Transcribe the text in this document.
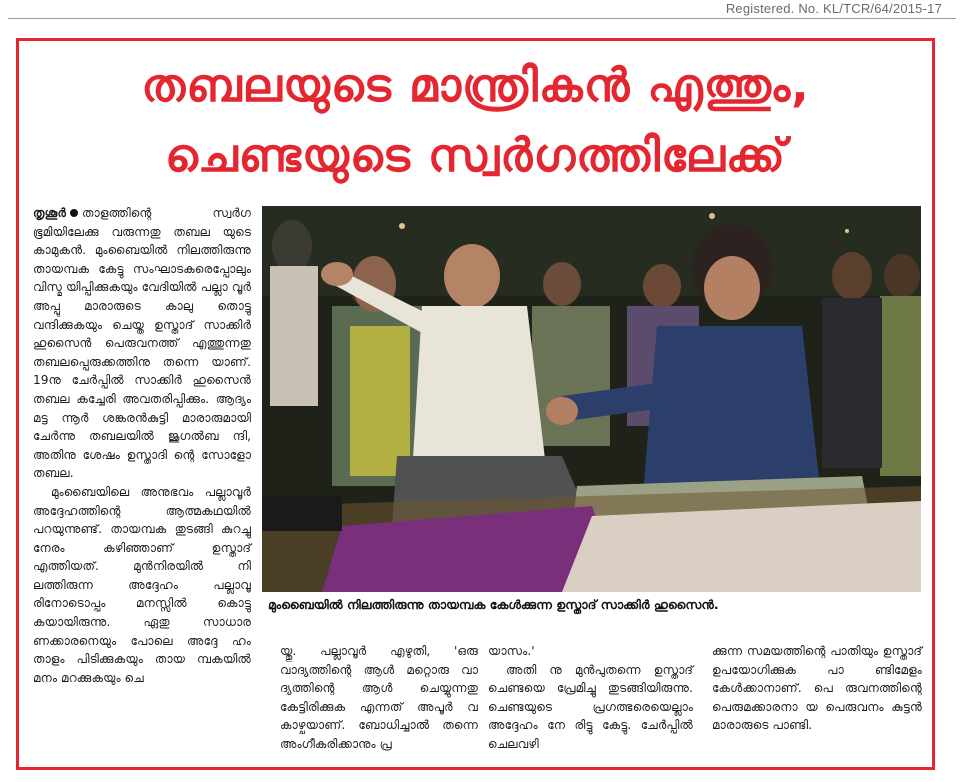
Registered. No. KL/TCR/64/2015-17
തബലയുടെ മാന്ത്രികൻ എത്തും,
ചെണ്ടയുടെ സ്വർഗത്തിലേക്ക്

തൃശൂർ താളത്തിന്റെ സ്വർഗ ഭൂമിയിലേക്കു വരുന്നതു തബല യുടെ കാമുകൻ. മുംബൈയിൽ നിലത്തിരുന്നു തായമ്പക കേട്ടു സംഘാടകരെപ്പോലും വിസ്മ യിപ്പിക്കുകയും വേദിയിൽ പല്ലാ വൂർ അപ്പു മാരാരുടെ കാലു തൊട്ടു വന്ദിക്കുകയും ചെയ്ത ഉസ്താദ് സാക്കിർ ഹുസൈൻ പെരുവനത്ത് എത്തുന്നതു തബലപ്പെരുക്കത്തിനു തന്നെ യാണ്. 19നു ചേർപ്പിൽ സാക്കിർ ഹുസൈൻ തബല കച്ചേരി അവതരിപ്പിക്കും. ആദ്യം മട്ട ന്നൂർ ശങ്കരൻകുട്ടി മാരാരുമായി ചേർന്നു തബലയിൽ ജുഗൽബ ന്ദി, അതിനു ശേഷം ഉസ്താദി ന്റെ സോളോ തബല.

മുംബൈയിലെ അനുഭവം പല്ലാവൂർ അദ്ദേഹത്തിന്റെ ആത്മകഥയിൽ പറയുന്നുണ്ട്. തായമ്പക തുടങ്ങി കുറച്ചു നേരം കഴിഞ്ഞാണ് ഉസ്താദ് എത്തിയത്. മുൻനിരയിൽ നി ലത്തിരുന്ന അദ്ദേഹം പല്ലാവൂ രിനോടൊപ്പം മനസ്സിൽ കൊട്ടു കയായിരുന്നു. ഏതു സാധാര ണക്കാരനെയും പോലെ അദ്ദേ ഹം താളം പിടിക്കുകയും തായ മ്പകയിൽ മനം മറക്കുകയും ചെ

മുംബൈയിൽ നിലത്തിരുന്നു തായമ്പക കേൾക്കുന്ന ഉസ്താദ് സാക്കിർ ഹുസൈൻ.
യ്തു. പല്ലാവൂർ എഴുതി, 'ഒരു വാദ്യത്തിന്റെ ആൾ മറ്റൊരു വാ ദ്യത്തിന്റെ ആൾ ചെയ്യുന്നതു കേട്ടിരിക്കുക എന്നത് അപൂർ വ കാഴ്ചയാണ്. ബോധിച്ചാൽ തന്നെ അംഗീകരിക്കാനും പ്ര

യാസം.'

അതി നു മുൻപുതന്നെ ഉസ്താദ് ചെണ്ടയെ പ്രേമിച്ചു തുടങ്ങിയിരുന്നു. ചെണ്ടയുടെ പ്രഗത്ഭരെയെല്ലാം അദ്ദേഹം നേ രിട്ടു കേട്ടു. ചേർപ്പിൽ ചെലവഴി

ക്കുന്ന സമയത്തിന്റെ പാതിയും ഉസ്താദ് ഉപയോഗിക്കുക പാ ണ്ടിമേളം കേൾക്കാനാണ്. പെ രുവനത്തിന്റെ പെരുമക്കാരനാ യ പെരുവനം കുട്ടൻ മാരാരുടെ പാണ്ടി.
